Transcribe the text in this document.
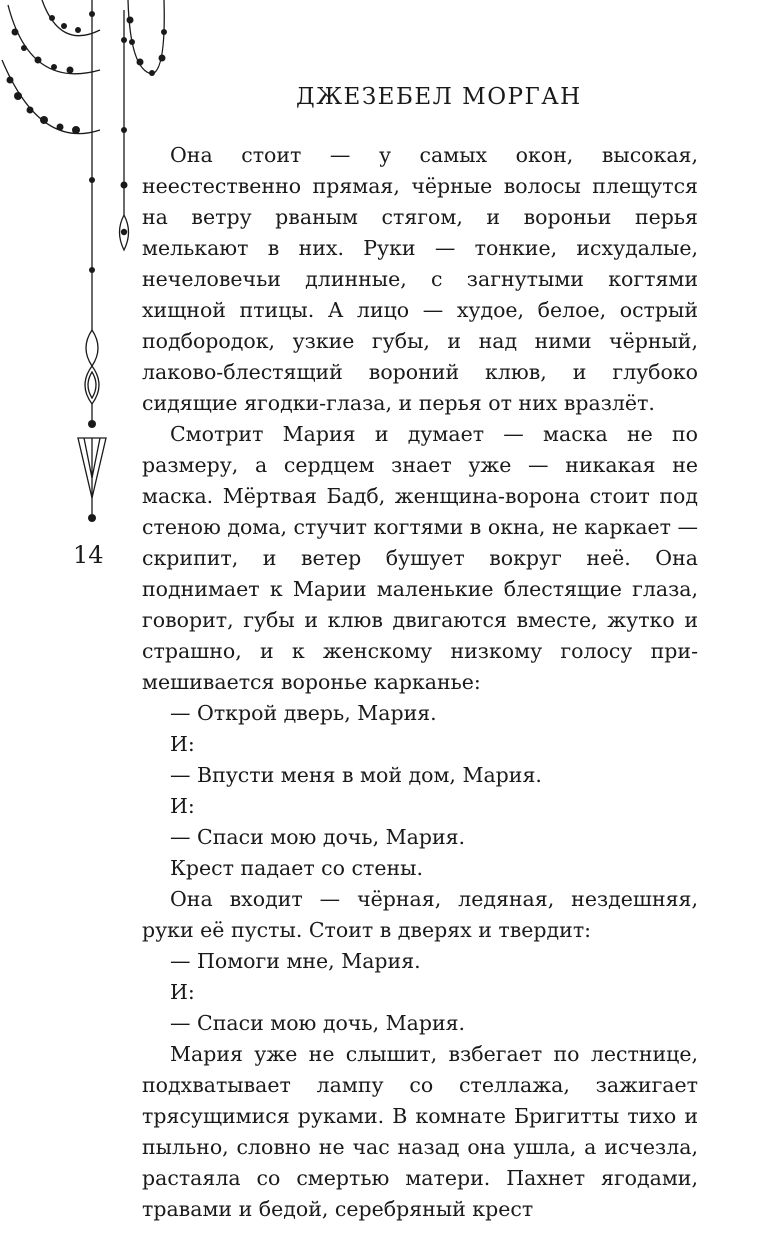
ДЖЕЗЕБЕЛ МОРГАН
14

Она стоит — у самых окон, высокая, неестественно прямая, чёрные волосы плещутся на ветру рваным стягом, и вороньи перья мелькают в них. Руки — тонкие, исхудалые, нечеловечьи длинные, с загнутыми когтями хищной птицы. А лицо — худое, белое, острый подбородок, узкие губы, и над ними чёрный, лаково-блестящий вороний клюв, и глубоко сидящие ягодки-глаза, и перья от них вразлёт.

Смотрит Мария и думает — маска не по размеру, а сердцем знает уже — никакая не маска. Мёртвая Бадб, женщина-ворона стоит под стеною дома, стучит когтями в окна, не каркает — скрипит, и ветер бушует вокруг неё. Она поднимает к Марии маленькие блестящие глаза, говорит, губы и клюв двигаются вместе, жутко и страшно, и к женскому низкому голосу примешивается воронье карканье:

— Открой дверь, Мария.

И:

— Впусти меня в мой дом, Мария.

И:

— Спаси мою дочь, Мария.

Крест падает со стены.

Она входит — чёрная, ледяная, нездешняя, руки её пусты. Стоит в дверях и твердит:

— Помоги мне, Мария.

И:

— Спаси мою дочь, Мария.

Мария уже не слышит, взбегает по лестнице, подхватывает лампу со стеллажа, зажигает трясущимися руками. В комнате Бригитты тихо и пыльно, словно не час назад она ушла, а исчезла, растаяла со смертью матери. Пахнет ягодами, травами и бедой, серебряный крест
